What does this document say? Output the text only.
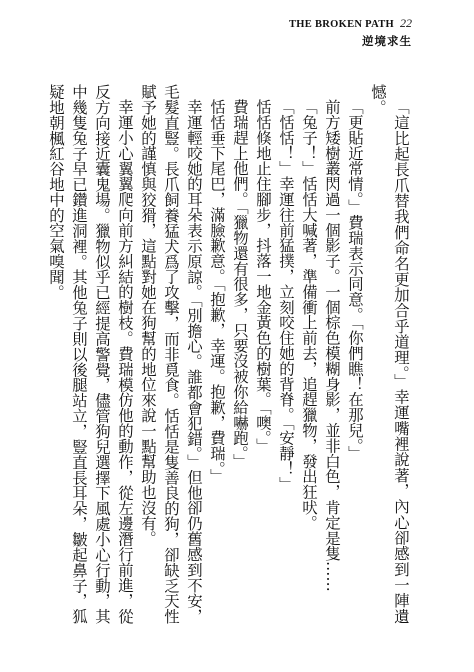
THE BROKEN PATH 22
逆境求生

「這比起長爪替我們命名更加合乎道理。」幸運嘴裡說著，內心卻感到一陣遺憾。

「更貼近常情。」費瑞表示同意。「你們瞧！在那兒。」

前方矮樹叢閃過一個影子。一個棕色模糊身影，並非白色，肯定是隻……

「兔子！」恬恬大喊著，準備衝上前去，追趕獵物，發出狂吠。

「恬恬！」幸運往前猛撲，立刻咬住她的背脊。「安靜！」

恬恬倏地止住腳步，抖落一地金黃色的樹葉。「噢。」

費瑞趕上他們。「獵物還有很多，只要沒被你給嚇跑。」

恬恬垂下尾巴，滿臉歉意。「抱歉，幸運。抱歉，費瑞。」

幸運輕咬她的耳朵表示原諒。「別擔心。誰都會犯錯。」但他卻仍舊感到不安，毛髮直豎。長爪飼養猛犬爲了攻擊，而非覓食。恬恬是隻善良的狗，卻缺乏天性賦予她的謹慎與狡猾，這點對她在狗幫的地位來說一點幫助也沒有。

幸運小心翼翼爬向前方糾結的樹枝。費瑞模仿他的動作，從左邊潛行前進，從反方向接近囊鬼場。獵物似乎已經提高警覺，儘管狗兒選擇下風處小心行動，其中幾隻兔子早已鑽進洞裡。其他兔子則以後腿站立，豎直長耳朵，皺起鼻子，狐疑地朝楓紅谷地中的空氣嗅聞。
